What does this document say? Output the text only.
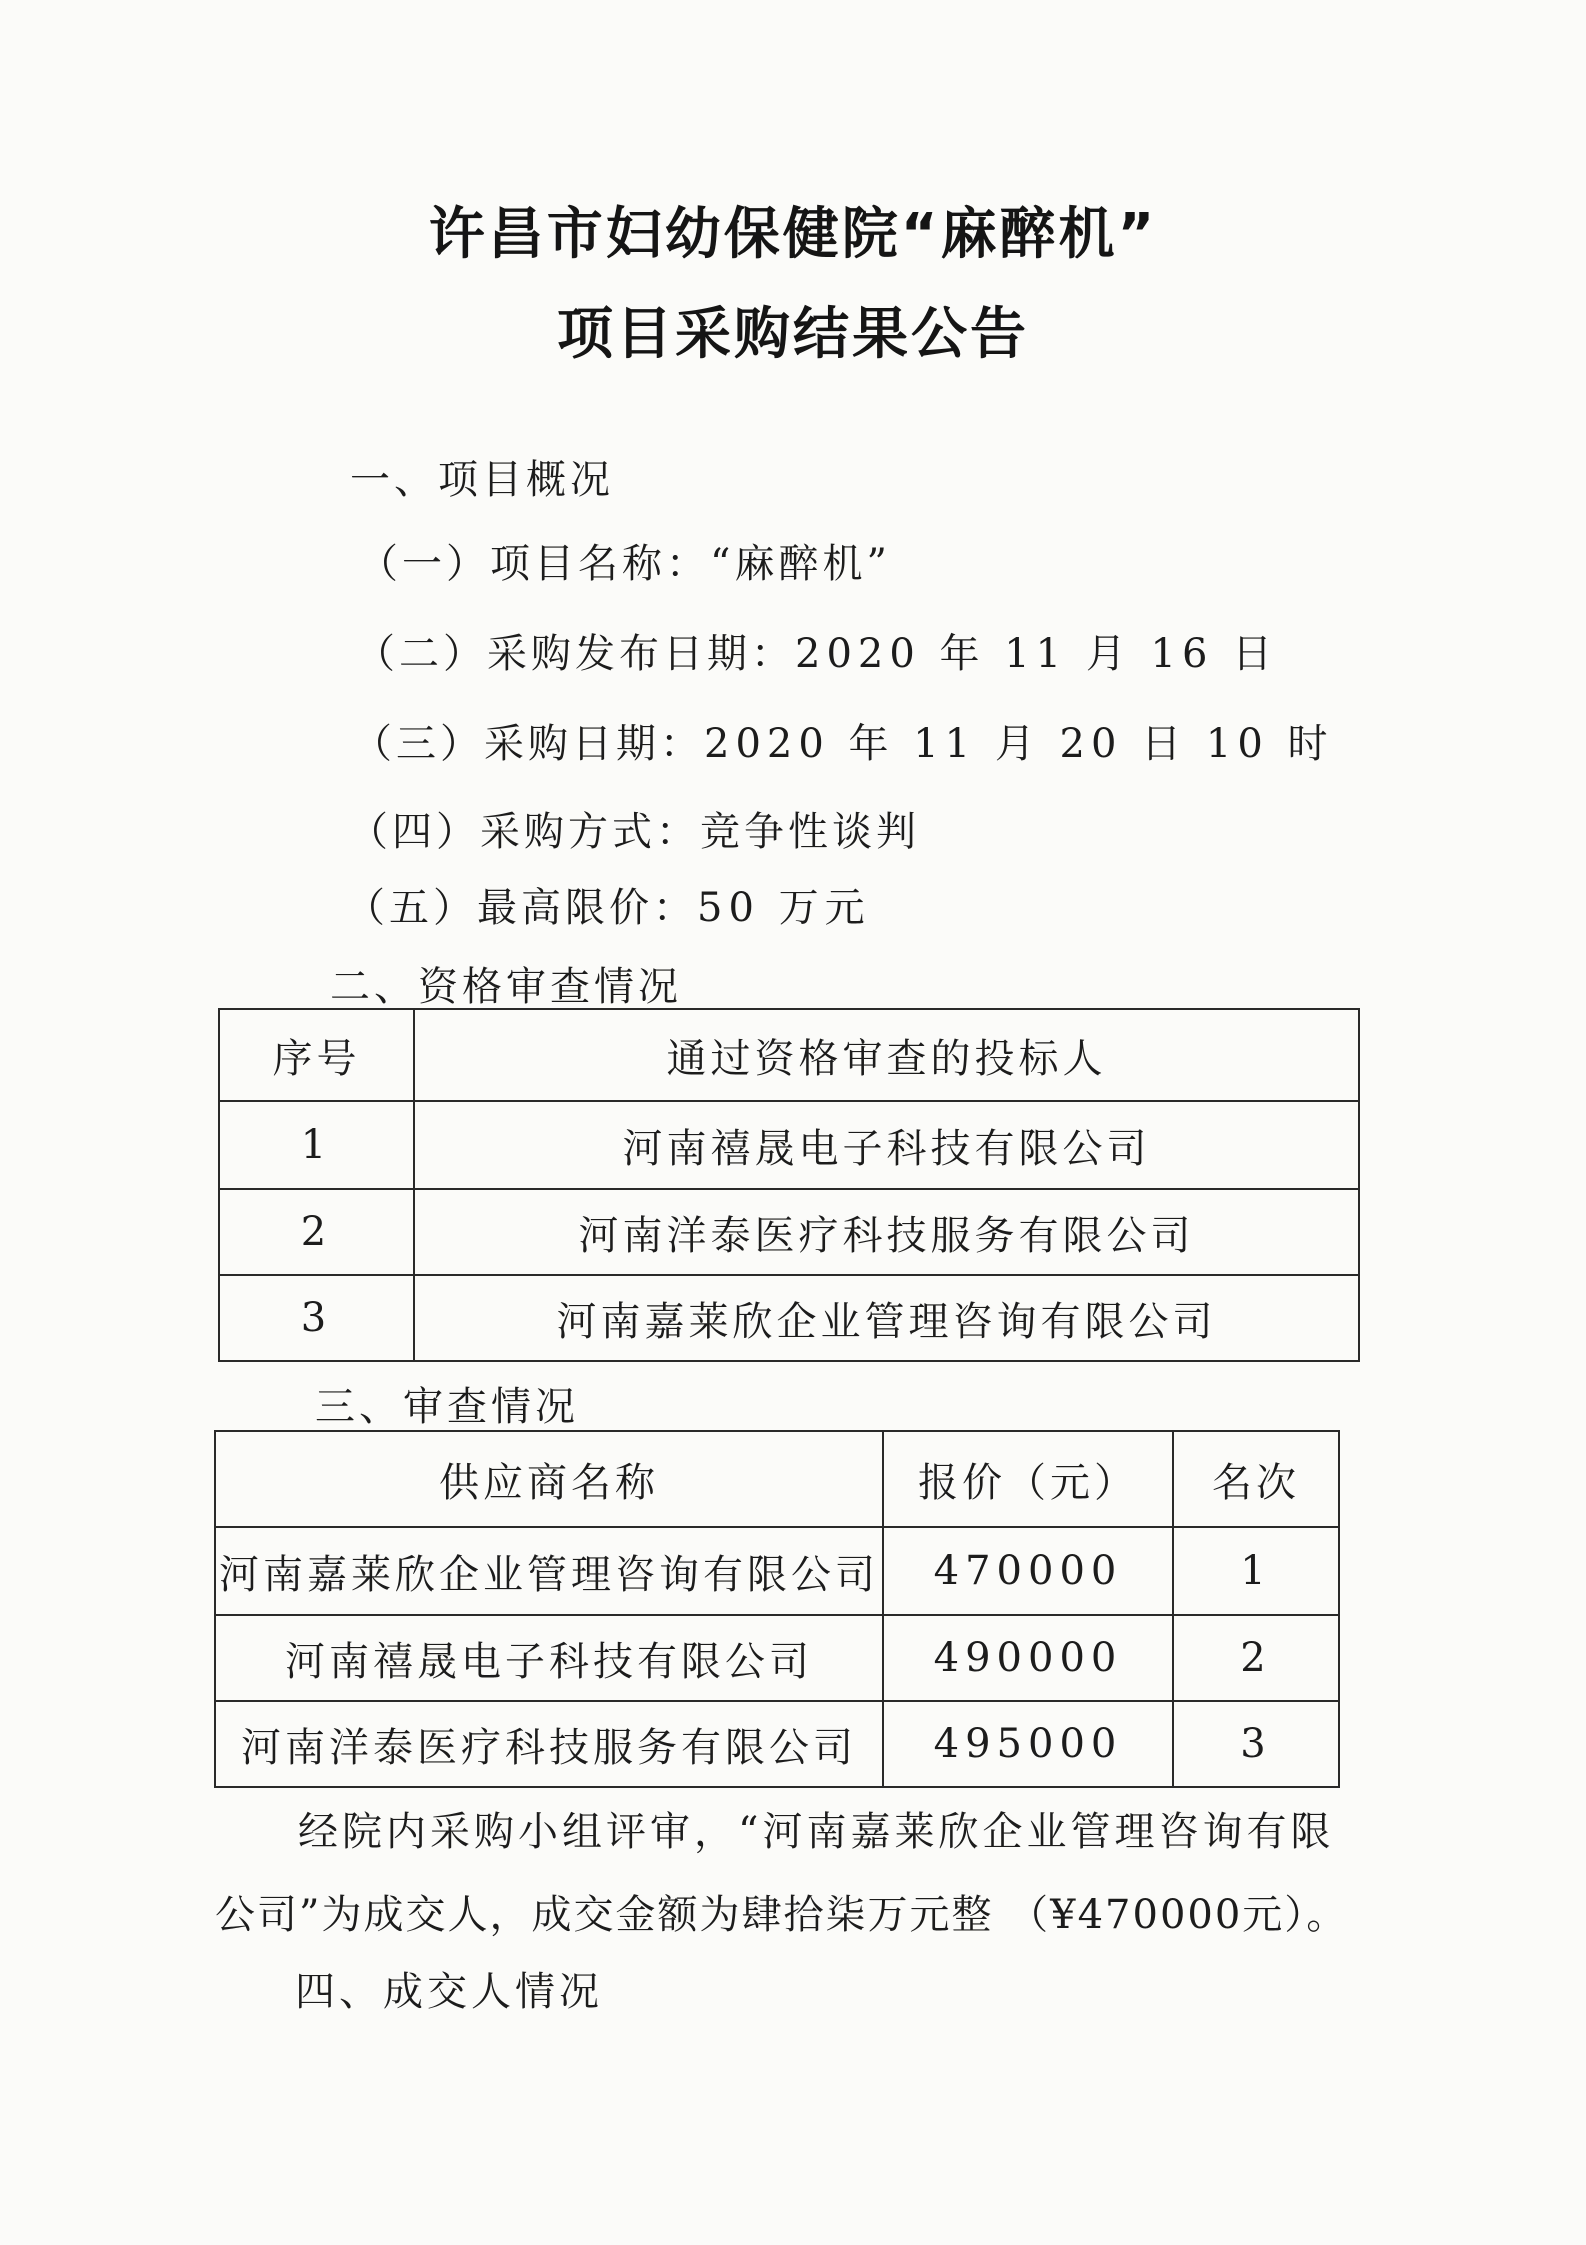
许昌市妇幼保健院“麻醉机”
项目采购结果公告
一、项目概况
（一）项目名称：“麻醉机”
（二）采购发布日期：2020 年 11 月 16 日
（三）采购日期：2020 年 11 月 20 日 10 时
（四）采购方式：竞争性谈判
（五）最高限价：50 万元
二、资格审查情况
序号	通过资格审查的投标人
1	河南禧晟电子科技有限公司
2	河南洋泰医疗科技服务有限公司
3	河南嘉莱欣企业管理咨询有限公司
三、审查情况
供应商名称	报价（元）	名次
河南嘉莱欣企业管理咨询有限公司	470000	1
河南禧晟电子科技有限公司	490000	2
河南洋泰医疗科技服务有限公司	495000	3
经院内采购小组评审，“河南嘉莱欣企业管理咨询有限
公司”为成交人，成交金额为肆拾柒万元整 （¥470000元）。
四、成交人情况
